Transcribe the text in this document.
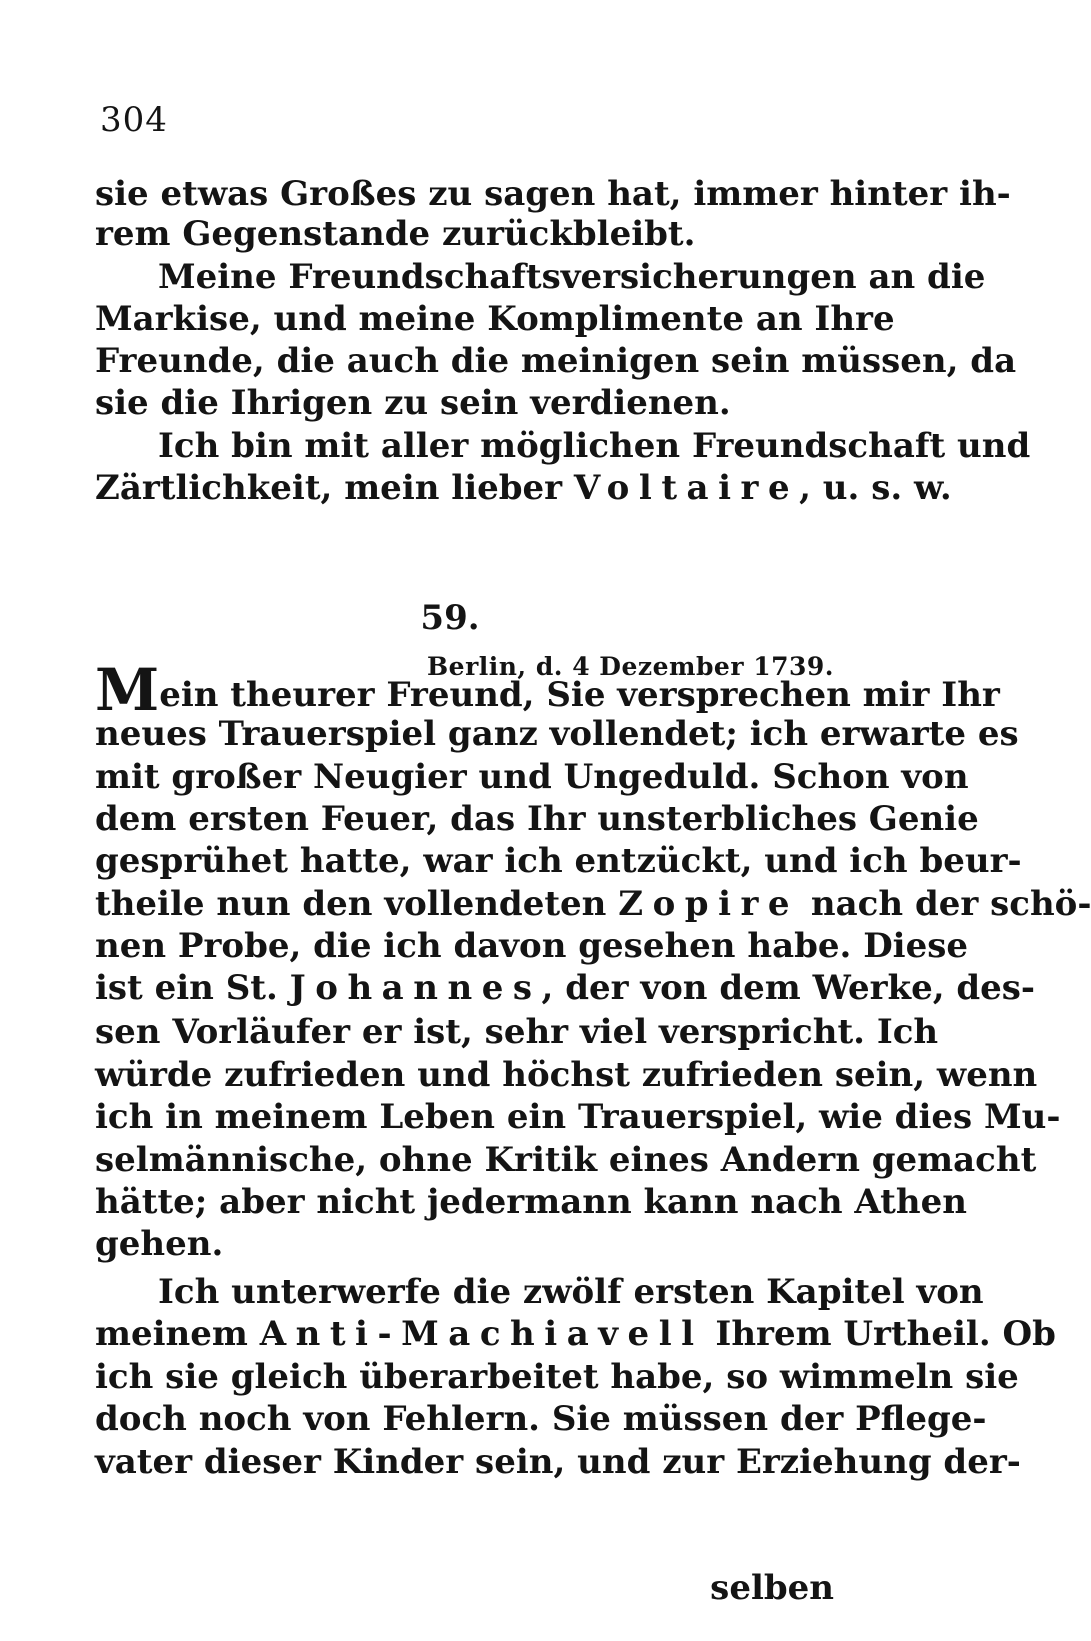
304
sie etwas Großes zu sagen hat, immer hinter ih-
rem Gegenstande zurückbleibt.
Meine Freundschaftsversicherungen an die
Markise, und meine Komplimente an Ihre
Freunde, die auch die meinigen sein müssen, da
sie die Ihrigen zu sein verdienen.
Ich bin mit aller möglichen Freundschaft und
Zärtlichkeit, mein lieber Voltaire, u. s. w.
59.
Berlin, d. 4 Dezember 1739.
Mein theurer Freund, Sie versprechen mir Ihr
neues Trauerspiel ganz vollendet; ich erwarte es
mit großer Neugier und Ungeduld. Schon von
dem ersten Feuer, das Ihr unsterbliches Genie
gesprühet hatte, war ich entzückt, und ich beur-
theile nun den vollendeten Zopire nach der schö-
nen Probe, die ich davon gesehen habe. Diese
ist ein St. Johannes, der von dem Werke, des-
sen Vorläufer er ist, sehr viel verspricht. Ich
würde zufrieden und höchst zufrieden sein, wenn
ich in meinem Leben ein Trauerspiel, wie dies Mu-
selmännische, ohne Kritik eines Andern gemacht
hätte; aber nicht jedermann kann nach Athen
gehen.
Ich unterwerfe die zwölf ersten Kapitel von
meinem Anti-Machiavell Ihrem Urtheil. Ob
ich sie gleich überarbeitet habe, so wimmeln sie
doch noch von Fehlern. Sie müssen der Pflege-
vater dieser Kinder sein, und zur Erziehung der-
selben
